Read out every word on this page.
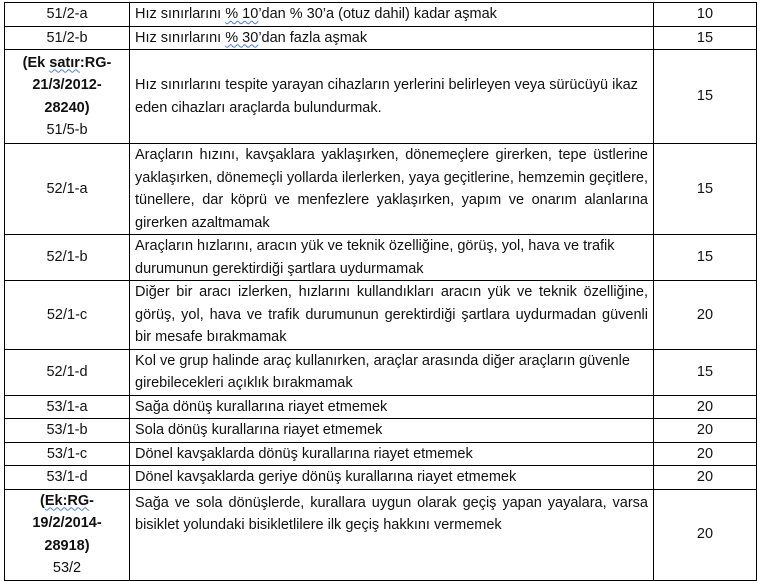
51/2-a	Hız sınırlarını % 10’dan % 30’a (otuz dahil) kadar aşmak	10

51/2-b	Hız sınırlarını % 30’dan fazla aşmak	15

(Ek satır:RG-21/3/2012-28240)
51/5-b	Hız sınırlarını tespite yarayan cihazların yerlerini belirleyen veya sürücüyü ikaz eden cihazları araçlarda bulundurmak.	15

52/1-a	Araçların hızını, kavşaklara yaklaşırken, dönemeçlere girerken, tepe üstlerine yaklaşırken, dönemeçli yollarda ilerlerken, yaya geçitlerine, hemzemin geçitlere, tünellere, dar köprü ve menfezlere yaklaşırken, yapım ve onarım alanlarına girerken azaltmamak	15

52/1-b	Araçların hızlarını, aracın yük ve teknik özelliğine, görüş, yol, hava ve trafik durumunun gerektirdiği şartlara uydurmamak	15

52/1-c	Diğer bir aracı izlerken, hızlarını kullandıkları aracın yük ve teknik özelliğine, görüş, yol, hava ve trafik durumunun gerektirdiği şartlara uydurmadan güvenli bir mesafe bırakmamak	20

52/1-d	Kol ve grup halinde araç kullanırken, araçlar arasında diğer araçların güvenle girebilecekleri açıklık bırakmamak	15

53/1-a	Sağa dönüş kurallarına riayet etmemek	20

53/1-b	Sola dönüş kurallarına riayet etmemek	20

53/1-c	Dönel kavşaklarda dönüş kurallarına riayet etmemek	20

53/1-d	Dönel kavşaklarda geriye dönüş kurallarına riayet etmemek	20

(Ek:RG-19/2/2014-28918)
53/2	Sağa ve sola dönüşlerde, kurallara uygun olarak geçiş yapan yayalara, varsa bisiklet yolundaki bisikletlilere ilk geçiş hakkını vermemek	20
